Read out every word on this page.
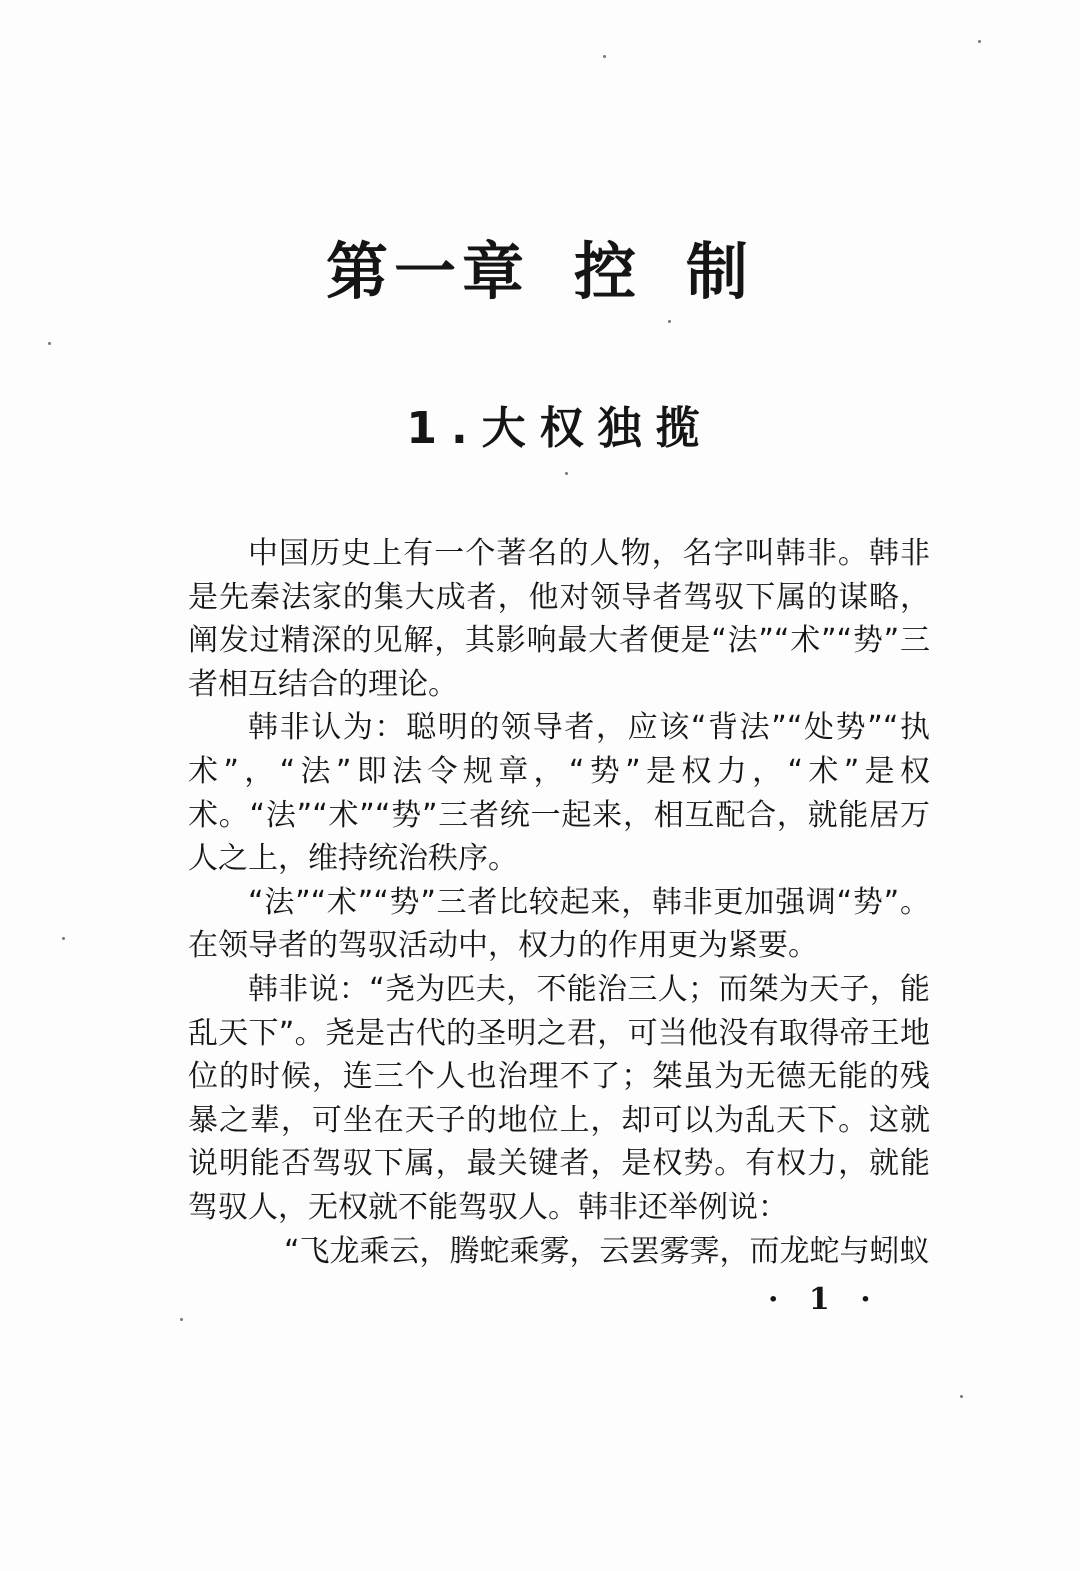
第一章 控 制
1.大权独揽

中国历史上有一个著名的人物，名字叫韩非。韩非是先秦法家的集大成者，他对领导者驾驭下属的谋略，阐发过精深的见解，其影响最大者便是“法”“术”“势”三者相互结合的理论。

韩非认为：聪明的领导者，应该“背法”“处势”“执术”，“法”即法令规章，“势”是权力，“术”是权术。“法”“术”“势”三者统一起来，相互配合，就能居万人之上，维持统治秩序。

“法”“术”“势”三者比较起来，韩非更加强调“势”。在领导者的驾驭活动中，权力的作用更为紧要。

韩非说：“尧为匹夫，不能治三人；而桀为天子，能乱天下”。尧是古代的圣明之君，可当他没有取得帝王地位的时候，连三个人也治理不了；桀虽为无德无能的残暴之辈，可坐在天子的地位上，却可以为乱天下。这就说明能否驾驭下属，最关键者，是权势。有权力，就能驾驭人，无权就不能驾驭人。韩非还举例说：

“飞龙乘云，腾蛇乘雾，云罢雾霁，而龙蛇与蚓蚁

· 1 ·
